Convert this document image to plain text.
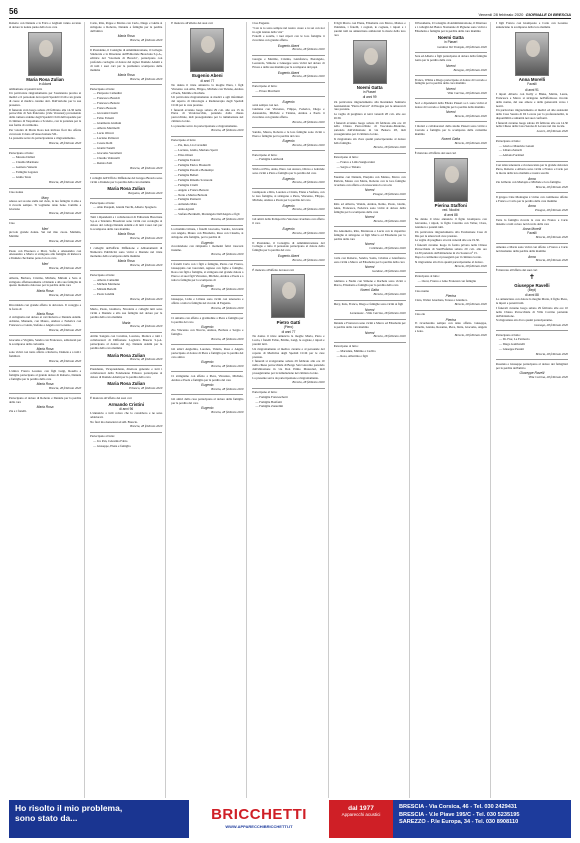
56	Venerdì 28 febbraio 2020 GIORNALE DI BRESCIA

Roberto con Daniele e la Erica e Gigliam vanno accanto al dolore la nonna piena della loro cara

Maria Rosa Zulian
in Adami

ambiamone al parenti tutti.

Un particolare ringraziamento per l'assistenza precisa ai medici e il personale dei reparti Spedali Civili e un grazie di cuore al medico curante dott. Dall'Aviolio per la sua presenza.

Il funerale avrà luogo sabato 29 febbraio alle 14.30 nella parrocchia di San Pancrazio (vide Veronesi) provenendo dalla camera ardente degli Spedali Civili dell'ospedale per il cimitero di Vespoliano a Scoletto, con la partenza per la sua forma di cerimonia.

Per volontà di Maria Rosa non invitare fiori ma offerte ovverosia il dono all'Associazione SIL.

La presente serve da partecipazione e ringraziamento.

Brescia, 28 febbraio 2020

Partecipano al lutto:

— Moreno Dalleri
— Claudio Marmone
— Gennaro Venezia
— Famiglia Lagazza
— Giulio Testa
Brescia, 28 febbraio 2020

Ciao nonna

Mary

adesso sei su una stella nel cielo, la tua famiglia ti ama e ti ricorda sempre. Ti vogliamo tanto bene. Camillo e Gloriana

Brescia, 28 febbraio 2020

Ciao

Meri

piccola grande donna. Sei nel mio cuore. Mamma, Matilde

Brescia, 28 febbraio 2020

Paolo con Eleonora e Mari, Sofia e Alessandro con Alessandro e Marta si stringono alla famiglia di Rebecca e Daniele che hanno perso la loro cara

Meri
Brescia, 28 febbraio 2020

Alberta, Barbara, Cristina, Michele, Miriam e Sara si stringono affettuosamente a Daniele e alla sua famiglia in questo momento doloroso per la perdita della cara

Maria Rosa
Brescia, 28 febbraio 2020

Ricordando con grande affetto la dolcezza. Il coraggio e la forza di

Maria Rosa

ci stringiamo nel dolore ai cari Roberto e Daniele Adami. Adriana, Manuela, con Mauro, Andrea e Federica con Francesco e Giada, Stefano e Angela con Lorenzo.

Brescia, 28 febbraio 2020

Giacomo e Virginia, Sandra con Francesco, addolorati per la scomparsa della carissima

Maria Rosa

sono vicini con tanto affetto a Roberto, Daniele e a tutti i familiari.

Brescia, 28 febbraio 2020

L'amica Franca Lorenzo con figli Luigi, Rosella e famiglie partecipano al grande dolore di Roberto, Daniele e famiglie per la perdita della cara

Maria Rosa
Brescia, 28 febbraio 2020

Partecipano al dolore di Roberto e Daniele per la perdita della cara

Maria Rosa

Zia e i fratelli.

Carlo, Rita, Peppe e Marisa con Carlo, Diego e Giulia si stringono a Roberto, Daniele e famiglia per la perdita dell'amica

Maria Rosa
Brescia, 28 febbraio 2020

Il Presidente, il Consiglio di Amministrazione, il Collegio Sindacale e la Direzione dell'Editoriale Bresciana S.p.A., editrice del "Giornale di Brescia", partecipano con profondo cordoglio al dolore del signor Daniele Adami e di tutti i suoi cari per la prematura scomparsa della mamma

Maria Rosa
Brescia, 28 febbraio 2020

Partecipano al lutto:

— Pierpaolo Camadini
— Francesco Baroldi
— Francesco Bettoni
— Franco Bossoni
— Giovanni Cinelli
— Fabio Falsetti
— Gianmario Giuliani
— Alberto Martinelli
— Lucio Oliveri
— Luciano Pelizzari
— Cesare Rolli
— Gianni Tonelli
— Giacomo Verzelletti
— Claudio Venturelli
— Renata Zatti
Brescia, 28 febbraio 2020

I colleghi dell'Ufficio Diffusione del Gruppo Brescia sono vicini a Daniele per la perdita della cara mamma

Maria Rosa Zulian
Bergamo, 28 febbraio 2020

Partecipano al lutto:

— Aldo Pasquali, Gianni Turchi, Alberto Spagnolo

Tutti i dipendenti e i collaboratori di Editoriale Bresciana S.p.A e Teletutto Broadcast sono vicini con cordoglio al dolore del collega Daniele Adami e di tutti i suoi cari per la scomparsa della cara mamma

Maria Rosa
Brescia, 28 febbraio 2020

I colleghi dell'ufficio Diffusione e Abbonamenti di Numerica Pubblicità sono vicini a Daniele nel triste momento della scomparsa della mamma

Maria Rosa
Brescia, 28 febbraio 2020

Partecipano al lutto:

— Alberto Camadini
— Michela Marmone
— Miriam Bertelli
— Paola Landini
Brescia, 28 febbraio 2020

Mario, Paolo, Gianluca, Nicoletta e colleghi tutti sono vicini a Daniele e alla sua famiglia nel dolore per la perdita della cara mamma

Maria
Brescia, 28 febbraio 2020

Attilio Sangaia con Carolina, Lorenzo, Monica e tutti i collaboratori di Diffusione Logistica Brescia S.p.A. partecipano al dolore del sig. Daniele Adami per la perdita della cara mamma

Maria Rosa Zulian
Brescia, 28 febbraio 2020

Presidente, Vicepresidente, direttore generale e tutti i collaboratori della Fondazione Erbusco partecipano al dolore di Daniele Adami per la perdita della cara

Maria Rosa Zulian
Erbusco, 28 febbraio 2020

È mancato all'affetto dei suoi cari

Armando Cristini
di anni 96

L'annuncio a tutti coloro che lo conobbero e ne sono addolorati.

No fiori ma donazioni ad AIL Brescia.

Brescia, 28 febbraio 2020

Partecipano al lutto:

— Ivo Pan, Celestina Fabio
— Giuseppe, Elena e famiglia

È mancato all'affetto dei suoi cari

Eugenio Abeni
di anni 77

Ne danno il triste annuncio la moglie Piera, i figli Vincenzo con Alba, Filippo, Michele con Tiziana, Andrea e Paola, Matilde e Rachele.

Un particolare ringraziamento ai medici e agli infermieri del reparto di Oncologia e Radioterapia degli Spedali Civili per le cure prestate.

I funerali avranno luogo sabato 29 c.m. alle ore 15 in Pieve di Verolavecchia, partendo dalla chiesa parrocchiale, indi proseguiranno per la tumulazione nel cimitero locale.

La presente serve da partecipazione e ringraziamento.

Brescia, 28 febbraio 2020

Partecipano al lutto:

— Pia, Ines, Lia Carradini
— Luciano, Giulia, Mariano Spotti
— Elisa Ottani
— Famiglia Federici
— Famiglia Enrico Bronzelli
— Famiglia Pasotti e Bontempi
— Famiglia Belleri
— Famiglia Rinaldo Scararoni
— Famiglia Cirelli
— Angelo e Franca Bertoni
— Nerio e Marisa Bolzoni
— Famiglia Pasinetti
— Armando Mala
— Anna Aguzzi
— Stefano Bertinelli, Mariangela Dall'Angelo e figli
Brescia, 28 febbraio 2020

La mamma Liliana, i fratelli Giacomo, Sandro, Giovanni con Angela, Mauro con Elisabetta, Rosa con Claudio, si stringono alla famiglia, per la perdita di

Eugenio

ricordandone con rimpianto i momenti felici trascorsi insieme.

Brescia, 28 febbraio 2020

I fratelli Carla con i figli e famiglie, Pietro con Franca, Giuseppina con Giovanni, Agnese con figlie e famiglie, Rosa con figli e famiglie, si stringono nel grande dolore a Piera e ai suoi figli Vincenzo, Michele, Andrea e Paola e a tutta la famiglia per la scomparsa di

Eugenio
Brescia, 28 febbraio 2020

Giuseppe, Lidia e Liliana sono vicini con tenerezza e affetto a tutta la famiglia nel ricordo di Eugenio.

Brescia, 28 febbraio 2020

Ci uniamo con affetto e gratitudine a Piera e famiglia per la perdita del caro

Eugenio

Zio Vincenzo con Nuccia, Andrea, Barbara e Sergio e famiglia.

Brescia, 28 febbraio 2020

Gli amici Angiolina, Lorenzo, Valeria, Rosa e Angela partecipano al dolore di Piera e famiglia per la perdita del caro amico

Eugenio
Brescia, 28 febbraio 2020

Ci stringiamo con affetto a Piera, Vincenzo, Michele, Andrea e Paola e famiglia per la perdita del caro

Eugenio
Brescia, 28 febbraio 2020

Gli amici della casa partecipano al dolore della famiglia per la perdita del caro

Eugenio
Brescia, 28 febbraio 2020

Ciao Eugenio

"Con te io sono sempre nel nostro cuore e tu sei con noi in ogni istante della vita"

Fratelli e sorelle, i tuoi nipoti con le loro famiglie ti ricordano con grande affetto.

Eugenio Abeni
Brescia, 28 febbraio 2020

Giorgio e Marilde, Cristina, Gianfranco, Pierangelo, Leonardo, Simona e Giuseppe sono vicini nel dolore di Ettore e della sua mamma per la scomparsa del papà

Eugenio Abeni
Brescia, 28 febbraio 2020

Partecipano al lutto:

— Ettore Marchetti
Eugenio

sarai sempre con noi.

Giuliana con Vincenzo, Filippo, Federica, Diego e Alessandro, Michele e Tiziana, Andrea e Paola ti ricordano con grande affetto.

Brescia, 28 febbraio 2020

Sandro, Mauro, Roberto e le loro famiglie sono vicini a Piera e famiglia per la perdita del caro

Eugenio
Brescia, 28 febbraio 2020

Partecipano al lutto:

— Famiglia Lombardi

Silvia ed Elio, Anna, Piero con Aurora, Ottavo e Gabriele sono vicini a Piera e famiglia per la perdita del caro

Eugenio
Brescia, 28 febbraio 2020

Giampaolo e Rita, Lorenzo e Cinzia, Elena e Stefano, con le loro famiglie, si stringono a Piera, Vincenzo, Filippo, Michele, Andrea e Paola per la perdita del caro

Eugenio
Brescia, 28 febbraio 2020

Gli amici della Polisportiva Verolese ricordano con affetto il caro

Eugenio
Brescia, 28 febbraio 2020

Il Presidente, il Consiglio di Amministrazione del Collegio e tutto il personale partecipano al dolore della famiglia per la perdita del caro

Eugenio Abeni
Brescia, 28 febbraio 2020

È mancato all'affetto dei suoi cari

Pietro Gatti
(Piero)
di anni 77

Ne danno il triste annuncio la moglie Maria, Piero e Lucia, i fratelli Fabio, Emilio, Luigi, le cognate, i nipoti e parenti tutti.

Un ringraziamento al medico curante e al personale del reparto di Medicina degli Spedali Civili per le cure prestate.

I funerali si svolgeranno sabato 29 febbraio alle ore 10 nella chiesa parrocchiale di Borgo San Giacomo partendo dall'abitazione in via Don Primo Mazzolari, indi proseguiranno per la tumulazione nel cimitero locale.

La presente serve da partecipazione e ringraziamento.

Brescia, 28 febbraio 2020

Partecipano al lutto:

— Famiglia Franceschetti
— Famiglia Bonfanti
— Famiglia Zanardini

Il figli Marco con Elena, Elisabetta con Marco, Matteo e Valentina, i fratelli, i cognati, le cognate, i nipoti e i parenti tutti ne annunciano addolorati la morte della loro cara

Noemi Gatta
in Piaseri
di anni 99

Un particolare ringraziamento alla Residenza Sanitaria Assistenziale "Pietro Ferrari" di Pisogne per le amorevoli cure prestate.

La veglia di preghiera si terrà venerdì 28 c.m. alle ore 20.30.

I funerali avranno luogo sabato 29 febbraio alle ore 10 nella Chiesa Parrocchiale di Toscolano-Maderno, partendo dall'abitazione in via Benaco 28, indi proseguiranno per il cimitero locale.

Si ringraziano sin d'ora quanti parteciperanno al dolore della famiglia.

Brescia, 28 febbraio 2020

Partecipano al lutto:

— Franco e Lidia Sangiovanni
— Sergio e Tiziana

Faustino con Daniela, Pierpina con Matteo, Marco con Patrizia, Mauro con Marta, Roberto con le loro famiglie ricordano con affetto e riconoscenza la cara zia

Noemi
Pisogne, 28 febbraio 2020

Irma ed Alberto, Wanda, Andrea, Remo, Paolo, Giulia, Anna, Francesca, Federica sono vicini al dolore della famiglia per la scomparsa della cara

Noemi
Brescia, 28 febbraio 2020

Zia Antonietta, Rita, Mariarosa e Lucia con le rispettive famiglie si stringono ai figli Marco ed Elisabetta per la perdita della cara

Noemi
Collebeato, 28 febbraio 2020

Carla con Roberto, Sandra, Sonia, Cristina e Gianfranco sono vicini a Marco ed Elisabetta per la perdita della cara

Noemi
Gardone, 28 febbraio 2020

Giuliano e Nadia con Simone e Rachele sono vicini a Marco, Elisabetta e famiglia per la perdita della cara

Noemi Gatta
Brescia, 28 febbraio 2020

Mery, Italo, Franco, Diego e famiglie sono vicini ai figli

Noemi
Lumezzane - Villa Carcina, 28 febbraio 2020

Daniele e Francesca sono vicini a Marco ed Elisabetta per la perdita della cara mamma

Noemi
Brescia, 28 febbraio 2020

Partecipano al lutto:

— Marianna, Mimmo e Cecilia
— Rosa, Albertina e figli

Il Presidente, il Consiglio di Amministrazione, il Direttore e i colleghi del Banco Nazionale di Pignone sono vicini a Elisabetta e famiglia per la perdita della cara mamma

Noemi Gatta
in Piaseri
Gardone Val Trompia, 28 febbraio 2020

Sara ed Alberto e figli partecipano al dolore della famiglia Gatta per la perdita della cara

Noemi
Boregno, 28 febbraio 2020

Franco, Wilma e Diego partecipano al dolore di Corrado e famiglia per la perdita della cara mamma

Noemi
Villa Carcina, 28 febbraio 2020

Soci e dipendenti della Elletre Piaseri s.r.l. sono vicini al dolore di Corrado e famiglia per la perdita della mamma

Noemi
Brescia, 28 febbraio 2020

I titolari e collaboratori dello studio Piaseri sono vicini a Corrado e famiglia per la scomparsa della carissima mamma

Noemi Gatta
Brescia, 28 febbraio 2020

È mancato all'affetto dei suoi cari

Pierina Staffoni
ved. Nicolini
di anni 88

Ne danno il triste annuncio il figlio Giampiero con Giovanna, i nipoti, la figlia Caterina con Valter, Clara, Gianluca e parenti tutti.

Un particolare ringraziamento alla Fondazione Casa di Dio per le amorevoli cure prestate.

La veglia di preghiera si terrà venerdì alle ore 19.30.

I funerali avranno luogo in forma privata nella Chiesa Parrocchiale di Sant'Eufemia sabato 29 c.m. alle ore 14.30 partendo dall'abitazione in via Sostera n° 15.

Dopo la cerimonia si proseguirà per il cimitero locale.

Si ringraziano sin d'ora quanti parteciperanno al dolore.

Brescia, 28 febbraio 2020

Partecipano al lutto:

— Oscar, Franco e Gino Franzoni con famiglie

Ciao nonna

Pierina

Clara, Walter Giordana, Teresa e Gianluca.

Brescia, 28 febbraio 2020

Ciao zia

Pierina

Ti ricorderemo sempre con tanto affetto. Giuseppe, Ornella, Gianna, Rosanna, Piera, Ilaria, Giacomo, Angela e Gaia.

Brescia, 28 febbraio 2020

I figli Franco con Giampaolo e Carlo con Lorenzo annunciano la scomparsa della loro mamma

Anna Morelli
Favalli
di anni 91

I nipoti Alberto con Kelly e Blake, Mattia, Laura, Francesca e Marco si stringono nell'affettuoso ricordo della nonna, del suo amore e della generosità verso i nostri.

Un particolare ringraziamento ai medici ed alle assistenti della Casa Serena di Di Lovere per la professionalità, la disponibilità e umanità nei suoi confronti.

I funerali avranno luogo sabato 29 febbraio alle ore 14.30 nella Chiesa della Casa Serena di Lovere nel rito locale.

Lovere, 28 febbraio 2020

Partecipano al lutto:

— Gloria e Maurizio Gaioni
— Liliana Zenardi
— Adriana Formieri

Con tanta tenerezza e riconoscenza per la grande dolcezza Piero, Roberto e Alberto sono vicini a Franco e Carlo per la morte della loro mamma e nostra sorella

Anna

Zio Gilberto con Mariapia e Michele e loro famiglie.

Brescia, 28 febbraio 2020

Il gruppo Cine Montagna è vicino con commosso affetto a Franco e Carlo per la perdita della cara mamma

Anna
Pisogne, 28 febbraio 2020

Tutta la famiglia ricorda la cara zia Franco e Carlo insieme a tutti coloro nel ricordo della cara

Anna Morelli
Favalli
Brescia, 28 febbraio 2020

Amedeo e Maria sono vicini con affetto a Franco e Carlo nel momento della perdita della mamma

Anna
Brescia, 28 febbraio 2020

È mancato all'affetto dei suoi cari

✝
Giuseppe Ravelli
(Bepi)
di anni 88

Lo annunciano con dolore la moglie Maria, il figlio Piero, le nipoti e parenti tutti.

I funerali avranno luogo sabato 29 febbraio alle ore 10 nella Chiesa Parrocchiale di Villa Carcina partendo dall'abitazione.

Si ringraziano sin d'ora quanti parteciperanno.

Gussago, 28 febbraio 2020

Partecipano al lutto:

— Dr. Fior, La Farmacia
— Diego Gambarelli
— Giuseppe Pessini
Brescia, 28 febbraio 2020

Rosanna e Giuseppe partecipano al dolore dei famigliari per la perdita dell'amico

Giuseppe Ravelli
Villa Carcina, 28 febbraio 2020
Ho risolto il mio problema,
sono stato da...	BRICCHETTI
WWW.APPARECCHIBRICCHETTI.IT
dal 1977
Apparecchi acustici
BRESCIA - Via Corsica, 46 - Tel. 030 2429431
BRESCIA - V.le Piave 195/C - Tel. 030 5235195
SAREZZO - P.le Europa, 34 - Tel. 030 8908110
